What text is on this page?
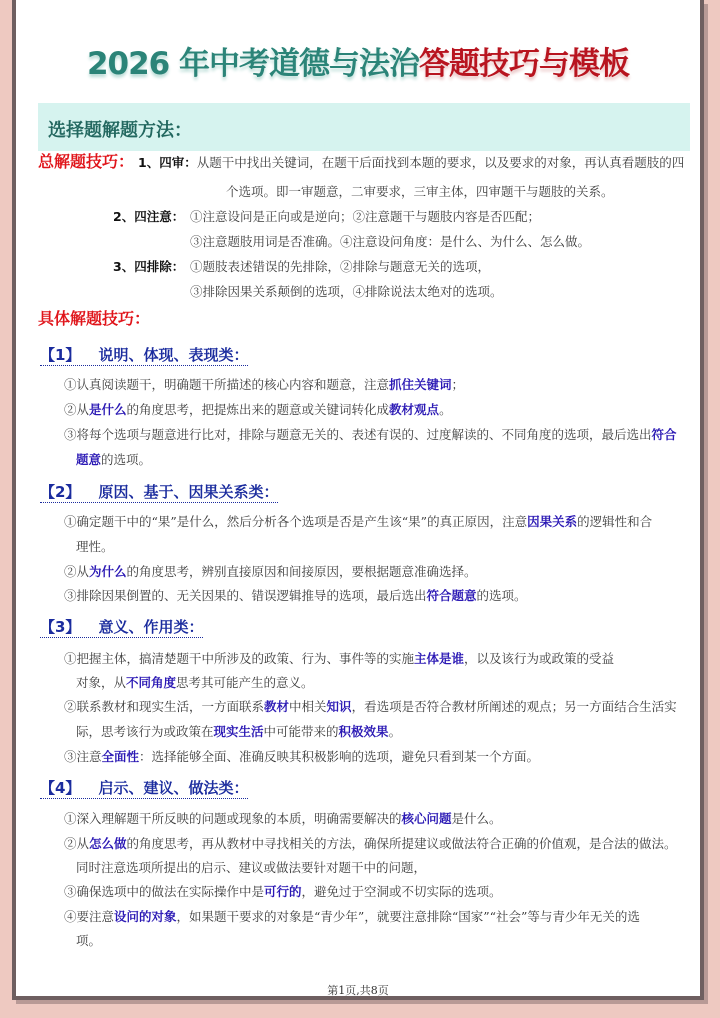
2026 年中考道德与法治答题技巧与模板
选择题解题方法：
总解题技巧： 1、四审：从题干中找出关键词，在题干后面找到本题的要求，以及要求的对象，再认真看题肢的四
个选项。即一审题意，二审要求，三审主体，四审题干与题肢的关系。
2、四注意： ①注意设问是正向或是逆向；②注意题干与题肢内容是否匹配；
③注意题肢用词是否准确。④注意设问角度：是什么、为什么、怎么做。
3、四排除： ①题肢表述错误的先排除，②排除与题意无关的选项，
③排除因果关系颠倒的选项，④排除说法太绝对的选项。
具体解题技巧：
【1】 说明、体现、表现类：
①认真阅读题干，明确题干所描述的核心内容和题意，注意抓住关键词；
②从是什么的角度思考，把提炼出来的题意或关键词转化成教材观点。
③将每个选项与题意进行比对，排除与题意无关的、表述有误的、过度解读的、不同角度的选项，最后选出符合
题意的选项。
【2】 原因、基于、因果关系类：
①确定题干中的“果”是什么，然后分析各个选项是否是产生该“果”的真正原因，注意因果关系的逻辑性和合
理性。
②从为什么的角度思考，辨别直接原因和间接原因，要根据题意准确选择。
③排除因果倒置的、无关因果的、错误逻辑推导的选项，最后选出符合题意的选项。
【3】 意义、作用类：
①把握主体，搞清楚题干中所涉及的政策、行为、事件等的实施主体是谁，以及该行为或政策的受益
对象，从不同角度思考其可能产生的意义。
②联系教材和现实生活，一方面联系教材中相关知识，看选项是否符合教材所阐述的观点；另一方面结合生活实
际，思考该行为或政策在现实生活中可能带来的积极效果。
③注意全面性：选择能够全面、准确反映其积极影响的选项，避免只看到某一个方面。
【4】 启示、建议、做法类：
①深入理解题干所反映的问题或现象的本质，明确需要解决的核心问题是什么。
②从怎么做的角度思考，再从教材中寻找相关的方法，确保所提建议或做法符合正确的价值观，是合法的做法。
同时注意选项所提出的启示、建议或做法要针对题干中的问题，
③确保选项中的做法在实际操作中是可行的，避免过于空洞或不切实际的选项。
④要注意设问的对象，如果题干要求的对象是“青少年”，就要注意排除“国家”“社会”等与青少年无关的选
项。
第1页,共8页
